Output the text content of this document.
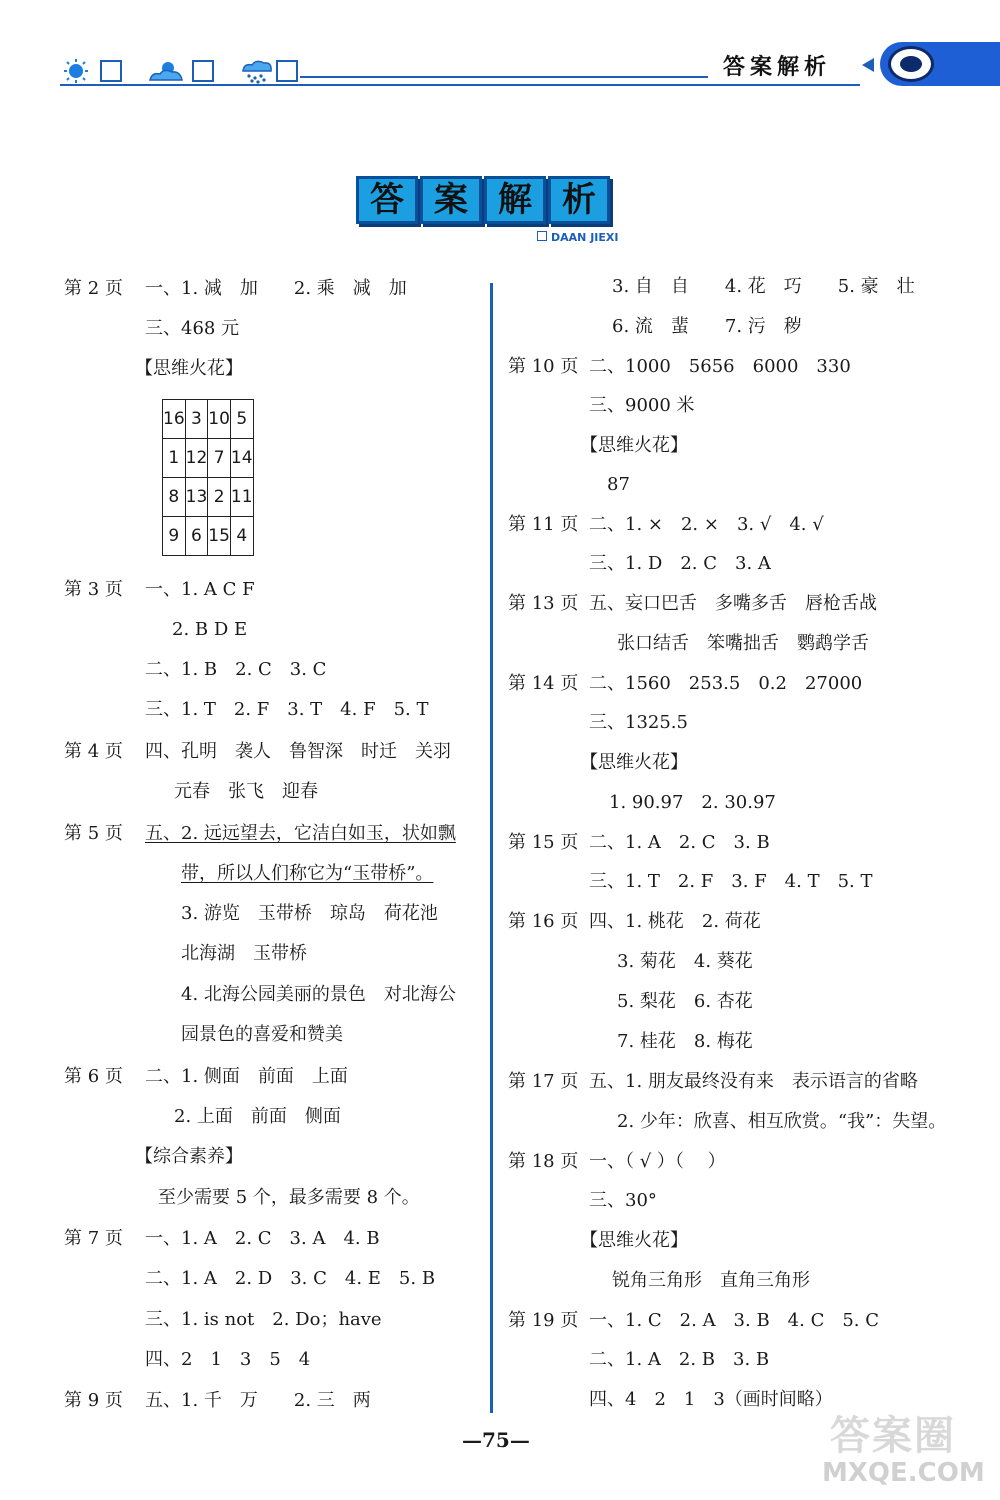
答案解析
答 案 解 析
DAAN JIEXI
第 2 页 一、1. 减　加　　2. 乘　减　加
三、468 元
【思维火花】
16	3	10	5
1	12	7	14
8	13	2	11
9	6	15	4
第 3 页 一、1. A C F
2. B D E
二、1. B　2. C　3. C
三、1. T　2. F　3. T　4. F　5. T
第 4 页 四、孔明　袭人　鲁智深　时迁　关羽
元春　张飞　迎春
第 5 页 五、2. 远远望去，它洁白如玉，状如飘
带，所以人们称它为“玉带桥”。
3. 游览　玉带桥　琼岛　荷花池
北海湖　玉带桥
4. 北海公园美丽的景色　对北海公
园景色的喜爱和赞美
第 6 页 二、1. 侧面　前面　上面
2. 上面　前面　侧面
【综合素养】
至少需要 5 个，最多需要 8 个。
第 7 页 一、1. A　2. C　3. A　4. B
二、1. A　2. D　3. C　4. E　5. B
三、1. is not　2. Do；have
四、2　1　3　5　4
第 9 页 五、1. 千　万　　2. 三　两
3. 自　自　　4. 花　巧　　5. 豪　壮
6. 流　蜚　　7. 污　秽
第 10 页 二、1000　5656　6000　330
三、9000 米
【思维火花】
87
第 11 页 二、1. ×　2. ×　3. √　4. √
三、1. D　2. C　3. A
第 13 页 五、妄口巴舌　多嘴多舌　唇枪舌战
张口结舌　笨嘴拙舌　鹦鹉学舌
第 14 页 二、1560　253.5　0.2　27000
三、1325.5
【思维火花】
1. 90.97　2. 30.97
第 15 页 二、1. A　2. C　3. B
三、1. T　2. F　3. F　4. T　5. T
第 16 页 四、1. 桃花　2. 荷花
3. 菊花　4. 葵花
5. 梨花　6. 杏花
7. 桂花　8. 梅花
第 17 页 五、1. 朋友最终没有来　表示语言的省略
2. 少年：欣喜、相互欣赏。“我”：失望。
第 18 页 一、（ √ ）（　 ）
三、30°
【思维火花】
锐角三角形　直角三角形
第 19 页 一、1. C　2. A　3. B　4. C　5. C
二、1. A　2. B　3. B
四、4　2　1　3（画时间略）
—75—	答案圈
MXQE.COM
